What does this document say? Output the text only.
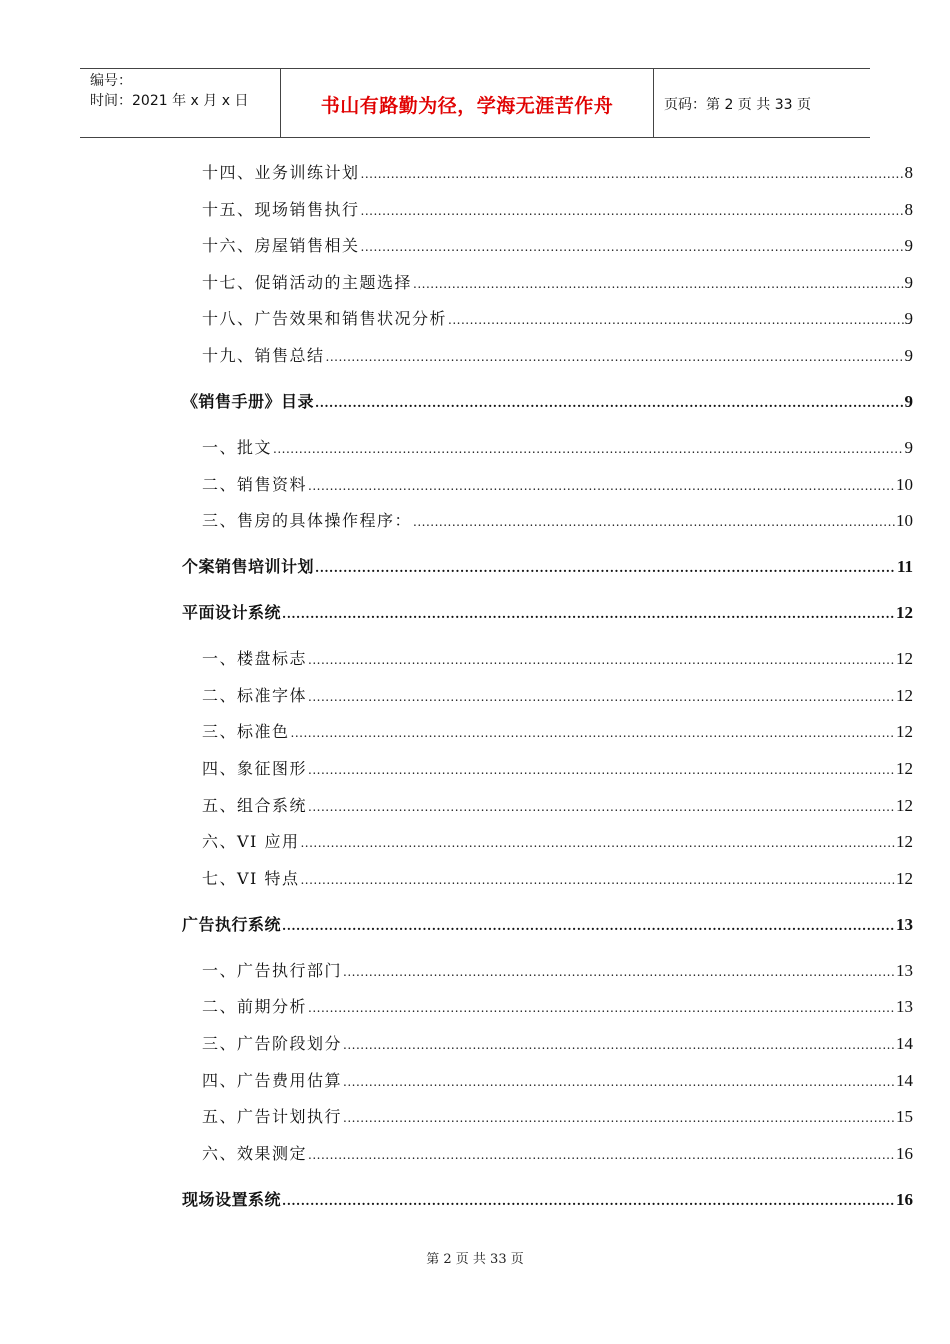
编号：
时间：2021 年 x 月 x 日	书山有路勤为径，学海无涯苦作舟	页码：第 2 页 共 33 页
十四、业务训练计划 .....	8
十五、现场销售执行 .....	8
十六、房屋销售相关 .....	9
十七、促销活动的主题选择 .....	9
十八、广告效果和销售状况分析 .....	9
十九、销售总结 .....	9
《销售手册》目录 .....	9
一、批文 .....	9
二、销售资料 .....	10
三、售房的具体操作程序： .....	10
个案销售培训计划 .....	11
平面设计系统 .....	12
一、楼盘标志 .....	12
二、标准字体 .....	12
三、标准色 .....	12
四、象征图形 .....	12
五、组合系统 .....	12
六、VI 应用 .....	12
七、VI 特点 .....	12
广告执行系统 .....	13
一、广告执行部门 .....	13
二、前期分析 .....	13
三、广告阶段划分 .....	14
四、广告费用估算 .....	14
五、广告计划执行 .....	15
六、效果测定 .....	16
现场设置系统 .....	16
第 2 页 共 33 页
